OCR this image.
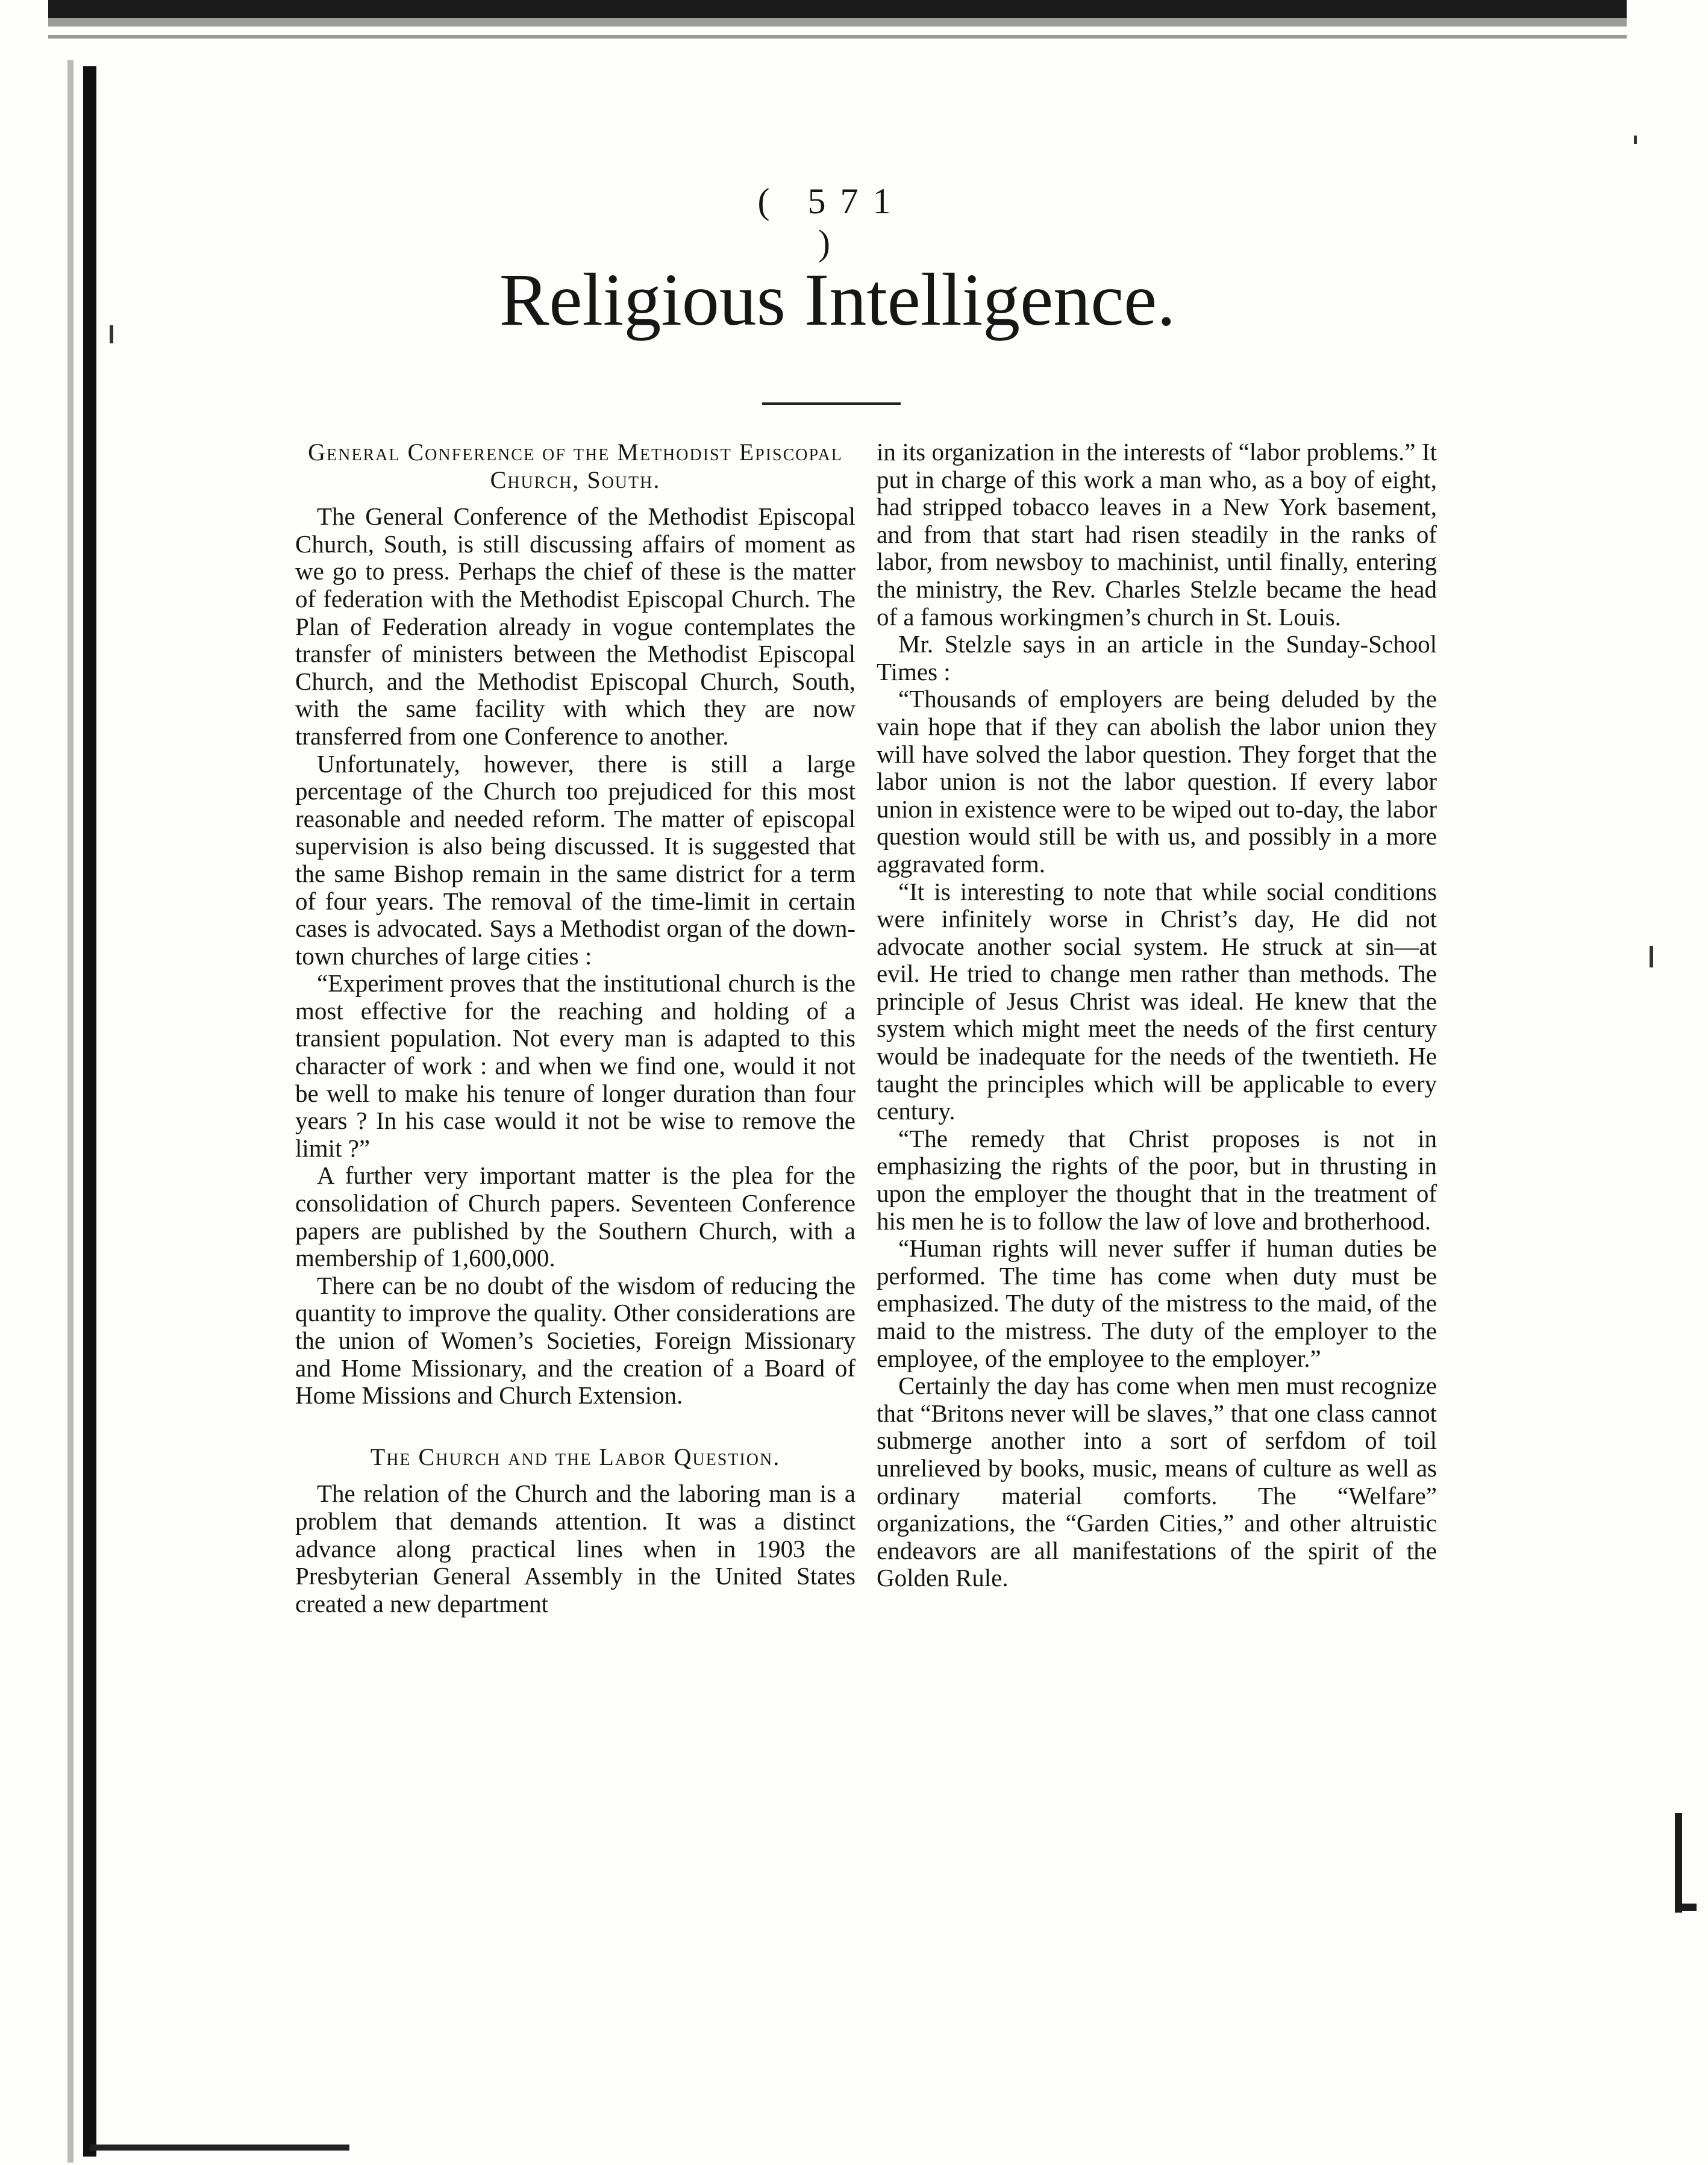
( 571 )
Religious Intelligence.
General Conference of the Methodist Episcopal Church, South.

The General Conference of the Methodist Episcopal Church, South, is still discussing affairs of moment as we go to press. Perhaps the chief of these is the matter of federation with the Methodist Episcopal Church. The Plan of Federation already in vogue contemplates the transfer of ministers between the Methodist Episcopal Church, and the Methodist Episcopal Church, South, with the same facility with which they are now transferred from one Conference to another.

Unfortunately, however, there is still a large percentage of the Church too prejudiced for this most reasonable and needed reform. The matter of episcopal supervision is also being discussed. It is suggested that the same Bishop remain in the same district for a term of four years. The removal of the time-limit in certain cases is advocated. Says a Methodist organ of the down-town churches of large cities :

“Experiment proves that the institutional church is the most effective for the reaching and holding of a transient population. Not every man is adapted to this character of work : and when we find one, would it not be well to make his tenure of longer duration than four years ? In his case would it not be wise to remove the limit ?”

A further very important matter is the plea for the consolidation of Church papers. Seventeen Conference papers are published by the Southern Church, with a membership of 1,600,000.

There can be no doubt of the wisdom of reducing the quantity to improve the quality. Other considerations are the union of Women’s Societies, Foreign Missionary and Home Missionary, and the creation of a Board of Home Missions and Church Extension.

The Church and the Labor Question.

The relation of the Church and the laboring man is a problem that demands attention. It was a distinct advance along practical lines when in 1903 the Presbyterian General Assembly in the United States created a new department

in its organization in the interests of “labor problems.” It put in charge of this work a man who, as a boy of eight, had stripped tobacco leaves in a New York basement, and from that start had risen steadily in the ranks of labor, from newsboy to machinist, until finally, entering the ministry, the Rev. Charles Stelzle became the head of a famous workingmen’s church in St. Louis.

Mr. Stelzle says in an article in the Sunday-School Times :

“Thousands of employers are being deluded by the vain hope that if they can abolish the labor union they will have solved the labor question. They forget that the labor union is not the labor question. If every labor union in existence were to be wiped out to-day, the labor question would still be with us, and possibly in a more aggravated form.

“It is interesting to note that while social conditions were infinitely worse in Christ’s day, He did not advocate another social system. He struck at sin—at evil. He tried to change men rather than methods. The principle of Jesus Christ was ideal. He knew that the system which might meet the needs of the first century would be inadequate for the needs of the twentieth. He taught the principles which will be applicable to every century.

“The remedy that Christ proposes is not in emphasizing the rights of the poor, but in thrusting in upon the employer the thought that in the treatment of his men he is to follow the law of love and brotherhood.

“Human rights will never suffer if human duties be performed. The time has come when duty must be emphasized. The duty of the mistress to the maid, of the maid to the mistress. The duty of the employer to the employee, of the employee to the employer.”

Certainly the day has come when men must recognize that “Britons never will be slaves,” that one class cannot submerge another into a sort of serfdom of toil unrelieved by books, music, means of culture as well as ordinary material comforts. The “Welfare” organizations, the “Garden Cities,” and other altruistic endeavors are all manifestations of the spirit of the Golden Rule.
